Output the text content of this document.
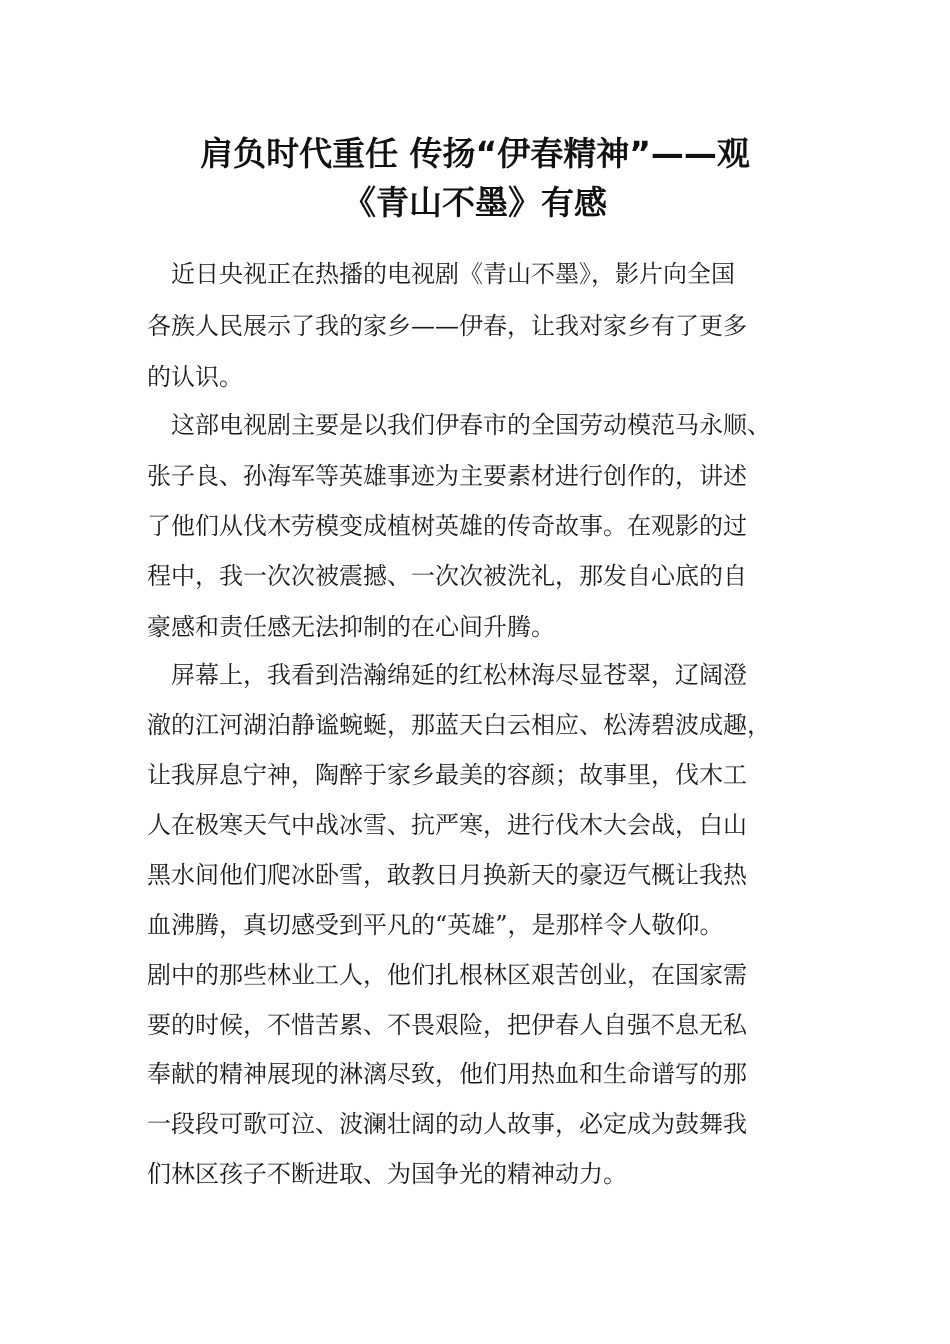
肩负时代重任 传扬“伊春精神”——观
《青山不墨》有感
　近日央视正在热播的电视剧《青山不墨》，影片向全国
各族人民展示了我的家乡——伊春，让我对家乡有了更多
的认识。
　这部电视剧主要是以我们伊春市的全国劳动模范马永顺、
张子良、孙海军等英雄事迹为主要素材进行创作的，讲述
了他们从伐木劳模变成植树英雄的传奇故事。在观影的过
程中，我一次次被震撼、一次次被洗礼，那发自心底的自
豪感和责任感无法抑制的在心间升腾。
　屏幕上，我看到浩瀚绵延的红松林海尽显苍翠，辽阔澄
澈的江河湖泊静谧蜿蜒，那蓝天白云相应、松涛碧波成趣，
让我屏息宁神，陶醉于家乡最美的容颜；故事里，伐木工
人在极寒天气中战冰雪、抗严寒，进行伐木大会战，白山
黑水间他们爬冰卧雪，敢教日月换新天的豪迈气概让我热
血沸腾，真切感受到平凡的“英雄”，是那样令人敬仰。
剧中的那些林业工人，他们扎根林区艰苦创业，在国家需
要的时候，不惜苦累、不畏艰险，把伊春人自强不息无私
奉献的精神展现的淋漓尽致，他们用热血和生命谱写的那
一段段可歌可泣、波澜壮阔的动人故事，必定成为鼓舞我
们林区孩子不断进取、为国争光的精神动力。
